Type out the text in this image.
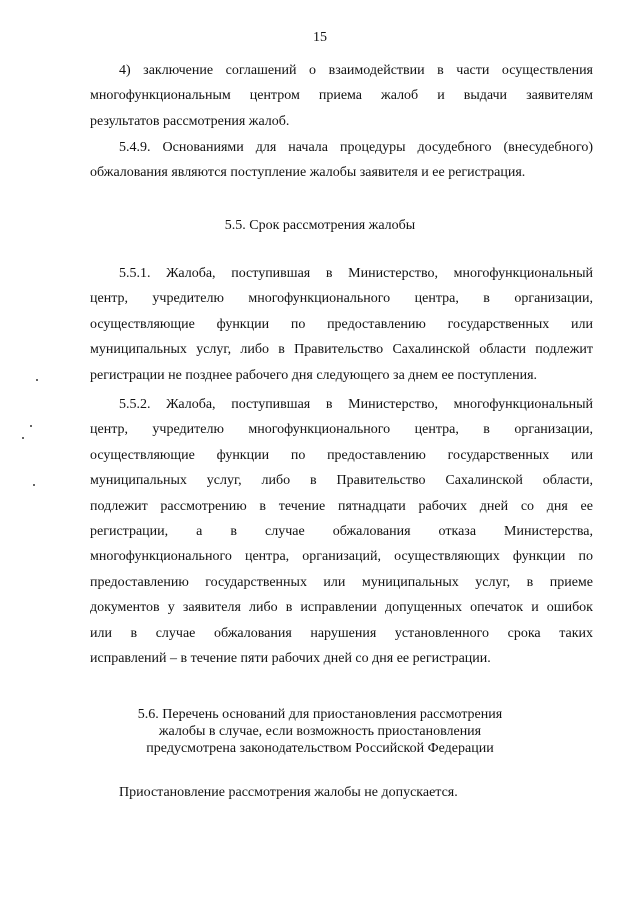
15
4) заключение соглашений о взаимодействии в части осуществления
многофункциональным центром приема жалоб и выдачи заявителям
результатов рассмотрения жалоб.
5.4.9. Основаниями для начала процедуры досудебного (внесудебного)
обжалования являются поступление жалобы заявителя и ее регистрация.
5.5. Срок рассмотрения жалобы
5.5.1. Жалоба, поступившая в Министерство, многофункциональный
центр, учредителю многофункционального центра, в организации,
осуществляющие функции по предоставлению государственных или
муниципальных услуг, либо в Правительство Сахалинской области подлежит
регистрации не позднее рабочего дня следующего за днем ее поступления.
5.5.2. Жалоба, поступившая в Министерство, многофункциональный
центр, учредителю многофункционального центра, в организации,
осуществляющие функции по предоставлению государственных или
муниципальных услуг, либо в Правительство Сахалинской области,
подлежит рассмотрению в течение пятнадцати рабочих дней со дня ее
регистрации, а в случае обжалования отказа Министерства,
многофункционального центра, организаций, осуществляющих функции по
предоставлению государственных или муниципальных услуг, в приеме
документов у заявителя либо в исправлении допущенных опечаток и ошибок
или в случае обжалования нарушения установленного срока таких
исправлений – в течение пяти рабочих дней со дня ее регистрации.
5.6. Перечень оснований для приостановления рассмотрения
жалобы в случае, если возможность приостановления
предусмотрена законодательством Российской Федерации
Приостановление рассмотрения жалобы не допускается.
